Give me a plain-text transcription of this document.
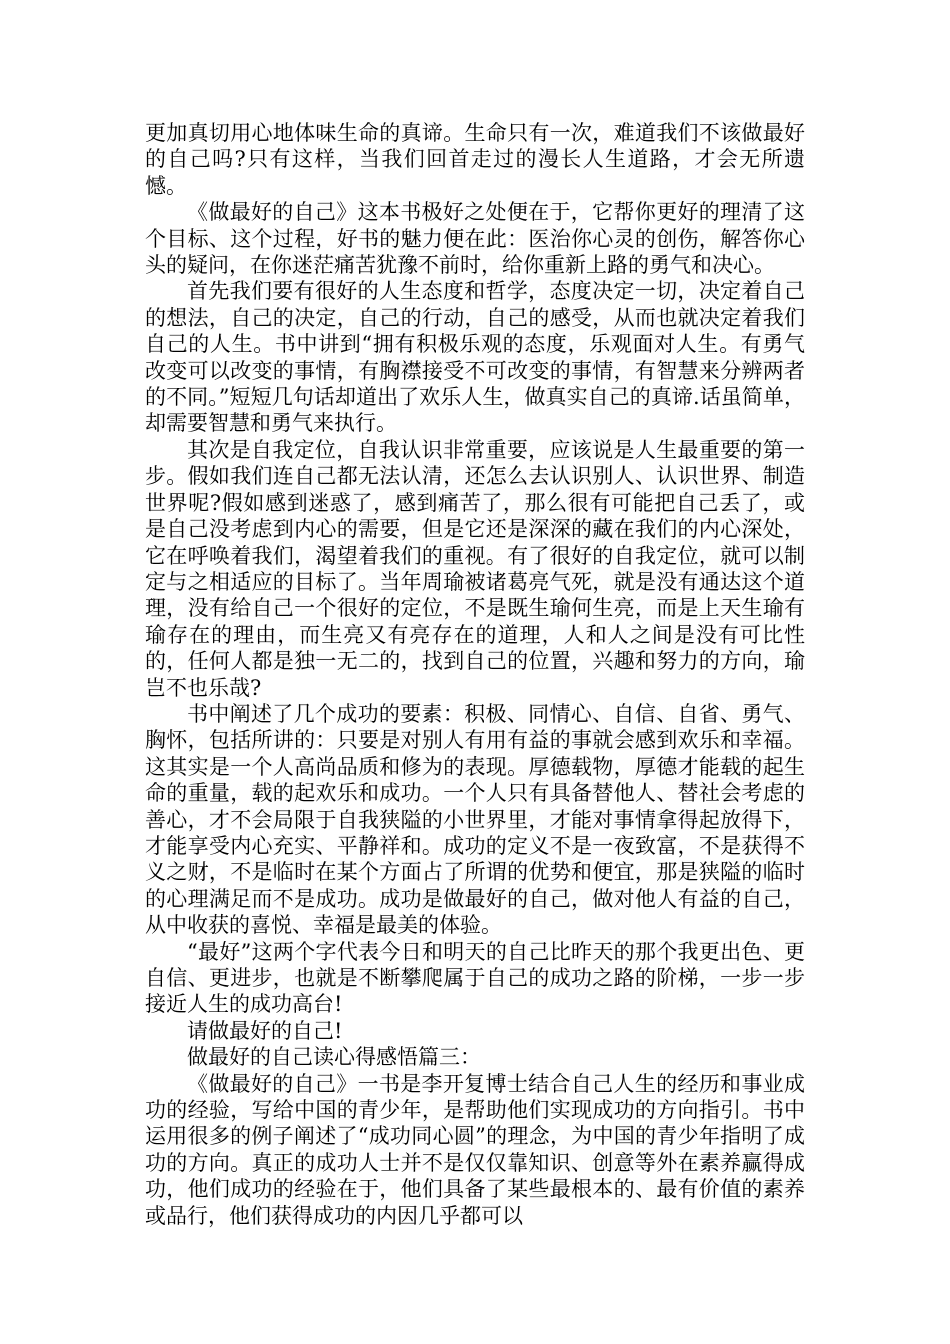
更加真切用心地体味生命的真谛。生命只有一次，难道我们不该做最好的自己吗?只有这样，当我们回首走过的漫长人生道路，才会无所遗憾。

《做最好的自己》这本书极好之处便在于，它帮你更好的理清了这个目标、这个过程，好书的魅力便在此：医治你心灵的创伤，解答你心头的疑问，在你迷茫痛苦犹豫不前时，给你重新上路的勇气和决心。

首先我们要有很好的人生态度和哲学，态度决定一切，决定着自己的想法，自己的决定，自己的行动，自己的感受，从而也就决定着我们自己的人生。书中讲到“拥有积极乐观的态度，乐观面对人生。有勇气改变可以改变的事情，有胸襟接受不可改变的事情，有智慧来分辨两者的不同。”短短几句话却道出了欢乐人生，做真实自己的真谛.话虽简单，却需要智慧和勇气来执行。

其次是自我定位，自我认识非常重要，应该说是人生最重要的第一步。假如我们连自己都无法认清，还怎么去认识别人、认识世界、制造世界呢?假如感到迷惑了，感到痛苦了，那么很有可能把自己丢了，或是自己没考虑到内心的需要，但是它还是深深的藏在我们的内心深处，它在呼唤着我们，渴望着我们的重视。有了很好的自我定位，就可以制定与之相适应的目标了。当年周瑜被诸葛亮气死，就是没有通达这个道理，没有给自己一个很好的定位，不是既生瑜何生亮，而是上天生瑜有瑜存在的理由，而生亮又有亮存在的道理，人和人之间是没有可比性的，任何人都是独一无二的，找到自己的位置，兴趣和努力的方向，瑜岂不也乐哉?

书中阐述了几个成功的要素：积极、同情心、自信、自省、勇气、胸怀，包括所讲的：只要是对别人有用有益的事就会感到欢乐和幸福。这其实是一个人高尚品质和修为的表现。厚德载物，厚德才能载的起生命的重量，载的起欢乐和成功。一个人只有具备替他人、替社会考虑的善心，才不会局限于自我狭隘的小世界里，才能对事情拿得起放得下，才能享受内心充实、平静祥和。成功的定义不是一夜致富，不是获得不义之财，不是临时在某个方面占了所谓的优势和便宜，那是狭隘的临时的心理满足而不是成功。成功是做最好的自己，做对他人有益的自己，从中收获的喜悦、幸福是最美的体验。

“最好”这两个字代表今日和明天的自己比昨天的那个我更出色、更自信、更进步，也就是不断攀爬属于自己的成功之路的阶梯，一步一步接近人生的成功高台!

请做最好的自己!

做最好的自己读心得感悟篇三：

《做最好的自己》一书是李开复博士结合自己人生的经历和事业成功的经验，写给中国的青少年，是帮助他们实现成功的方向指引。书中运用很多的例子阐述了“成功同心圆”的理念，为中国的青少年指明了成功的方向。真正的成功人士并不是仅仅靠知识、创意等外在素养赢得成功，他们成功的经验在于，他们具备了某些最根本的、最有价值的素养或品行，他们获得成功的内因几乎都可以
